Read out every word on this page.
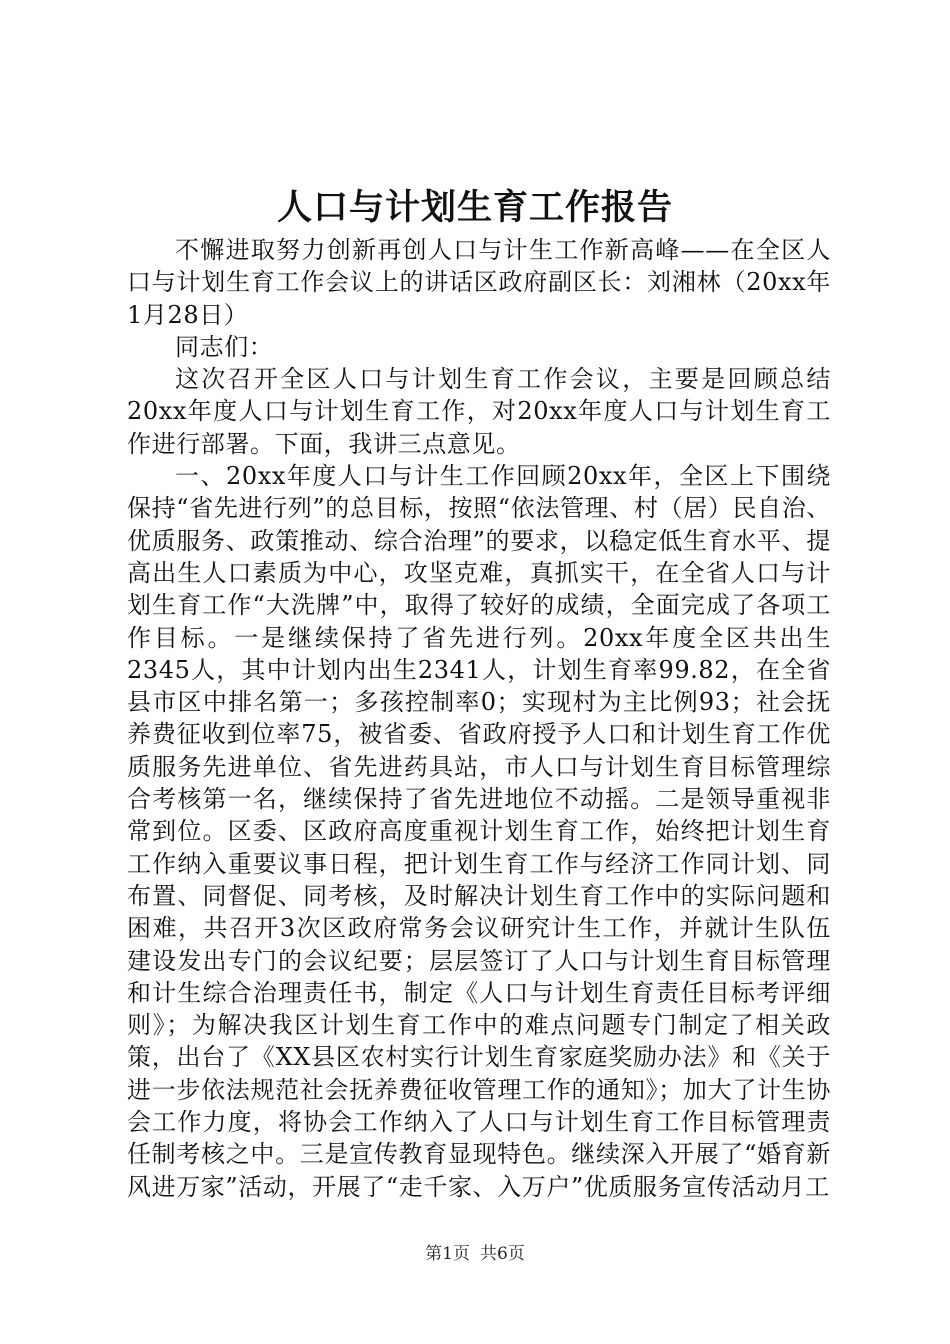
人口与计划生育工作报告

不懈进取努力创新再创人口与计生工作新高峰——在全区人口与计划生育工作会议上的讲话区政府副区长：刘湘林（20xx年1月28日）

同志们：

这次召开全区人口与计划生育工作会议，主要是回顾总结20xx年度人口与计划生育工作，对20xx年度人口与计划生育工作进行部署。下面，我讲三点意见。

一、20xx年度人口与计生工作回顾20xx年，全区上下围绕保持“省先进行列”的总目标，按照“依法管理、村（居）民自治、优质服务、政策推动、综合治理”的要求，以稳定低生育水平、提高出生人口素质为中心，攻坚克难，真抓实干，在全省人口与计划生育工作“大洗牌”中，取得了较好的成绩，全面完成了各项工作目标。一是继续保持了省先进行列。20xx年度全区共出生2345人，其中计划内出生2341人，计划生育率99.82，在全省县市区中排名第一；多孩控制率0；实现村为主比例93；社会抚养费征收到位率75，被省委、省政府授予人口和计划生育工作优质服务先进单位、省先进药具站，市人口与计划生育目标管理综合考核第一名，继续保持了省先进地位不动摇。二是领导重视非常到位。区委、区政府高度重视计划生育工作，始终把计划生育工作纳入重要议事日程，把计划生育工作与经济工作同计划、同布置、同督促、同考核，及时解决计划生育工作中的实际问题和困难，共召开3次区政府常务会议研究计生工作，并就计生队伍建设发出专门的会议纪要；层层签订了人口与计划生育目标管理和计生综合治理责任书，制定《人口与计划生育责任目标考评细则》；为解决我区计划生育工作中的难点问题专门制定了相关政策，出台了《XX县区农村实行计划生育家庭奖励办法》和《关于进一步依法规范社会抚养费征收管理工作的通知》；加大了计生协会工作力度，将协会工作纳入了人口与计划生育工作目标管理责任制考核之中。三是宣传教育显现特色。继续深入开展了“婚育新风进万家”活动，开展了“走千家、入万户”优质服务宣传活动月工

第1页 共6页
